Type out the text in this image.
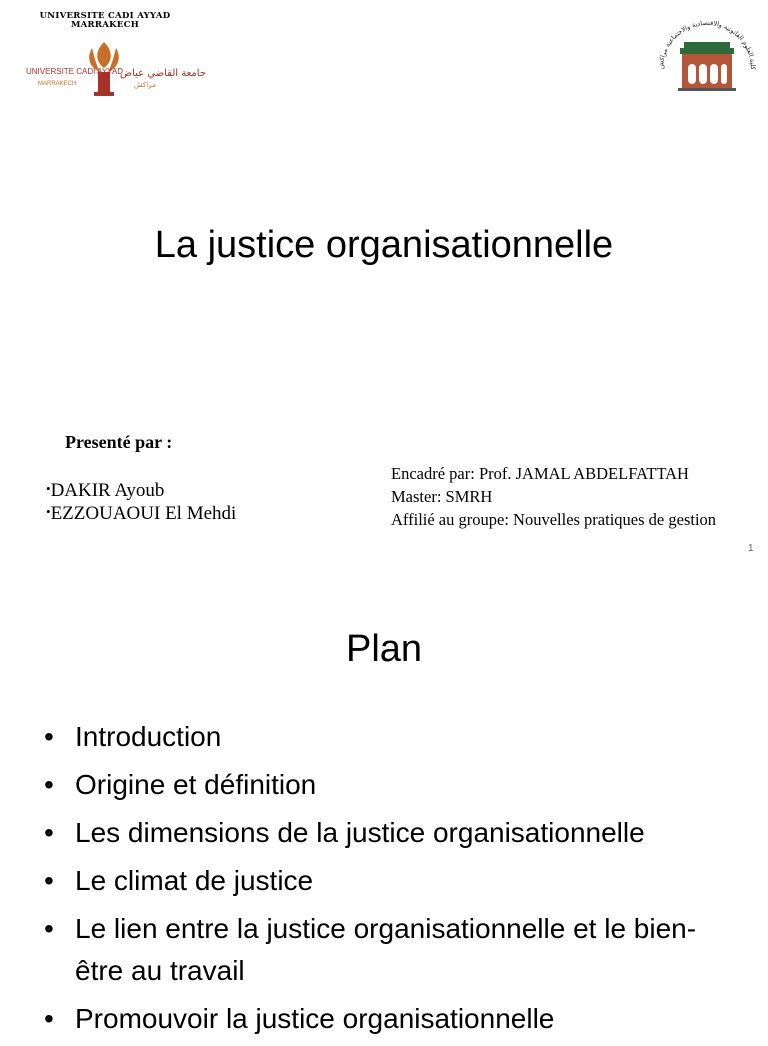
UNIVERSITE CADI AYYAD
MARRAKECH
UNIVERSITE CADI AYYAD
MARRAKECH
جامعة القاضي عياض
مراكش
كلية العلوم القانونية والاقتصادية والاجتماعية مراكش
La justice organisationnelle
Presenté par :
• DAKIR Ayoub
• EZZOUAOUI El Mehdi
Encadré par: Prof. JAMAL ABDELFATTAH
Master: SMRH
Affilié au groupe: Nouvelles pratiques de gestion
1
Plan
• Introduction
• Origine et définition
• Les dimensions de la justice organisationnelle
• Le climat de justice
• Le lien entre la justice organisationnelle et le bien-être au travail
• Promouvoir la justice organisationnelle
